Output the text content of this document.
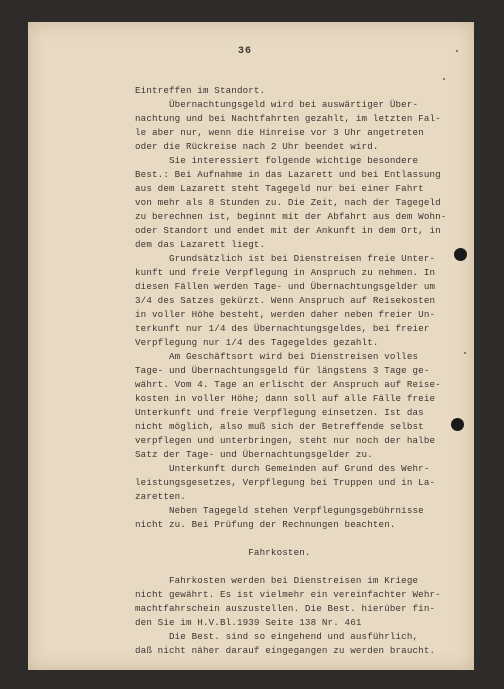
36
Eintreffen im Standort.
Übernachtungsgeld wird bei auswärtiger Über-
nachtung und bei Nachtfahrten gezahlt, im letzten Fal-
le aber nur, wenn die Hinreise vor 3 Uhr angetreten
oder die Rückreise nach 2 Uhr beendet wird.
Sie interessiert folgende wichtige besondere
Best.: Bei Aufnahme in das Lazarett und bei Entlassung
aus dem Lazarett steht Tagegeld nur bei einer Fahrt
von mehr als 8 Stunden zu. Die Zeit, nach der Tagegeld
zu berechnen ist, beginnt mit der Abfahrt aus dem Wohn-
oder Standort und endet mit der Ankunft in dem Ort, in
dem das Lazarett liegt.
Grundsätzlich ist bei Dienstreisen freie Unter-
kunft und freie Verpflegung in Anspruch zu nehmen. In
diesen Fällen werden Tage- und Übernachtungsgelder um
3/4 des Satzes gekürzt. Wenn Anspruch auf Reisekosten
in voller Höhe besteht, werden daher neben freier Un-
terkunft nur 1/4 des Übernachtungsgeldes, bei freier
Verpflegung nur 1/4 des Tagegeldes gezahlt.
Am Geschäftsort wird bei Dienstreisen volles
Tage- und Übernachtungsgeld für längstens 3 Tage ge-
währt. Vom 4. Tage an erlischt der Anspruch auf Reise-
kosten in voller Höhe; dann soll auf alle Fälle freie
Unterkunft und freie Verpflegung einsetzen. Ist das
nicht möglich, also muß sich der Betreffende selbst
verpflegen und unterbringen, steht nur noch der halbe
Satz der Tage- und Übernachtungsgelder zu.
Unterkunft durch Gemeinden auf Grund des Wehr-
leistungsgesetzes, Verpflegung bei Truppen und in La-
zaretten.
Neben Tagegeld stehen Verpflegungsgebührnisse
nicht zu. Bei Prüfung der Rechnungen beachten.
Fahrkosten.
Fahrkosten werden bei Dienstreisen im Kriege
nicht gewährt. Es ist vielmehr ein vereinfachter Wehr-
machtfahrschein auszustellen. Die Best. hierüber fin-
den Sie im H.V.Bl.1939 Seite 138 Nr. 461
Die Best. sind so eingehend und ausführlich,
daß nicht näher darauf eingegangen zu werden braucht.
